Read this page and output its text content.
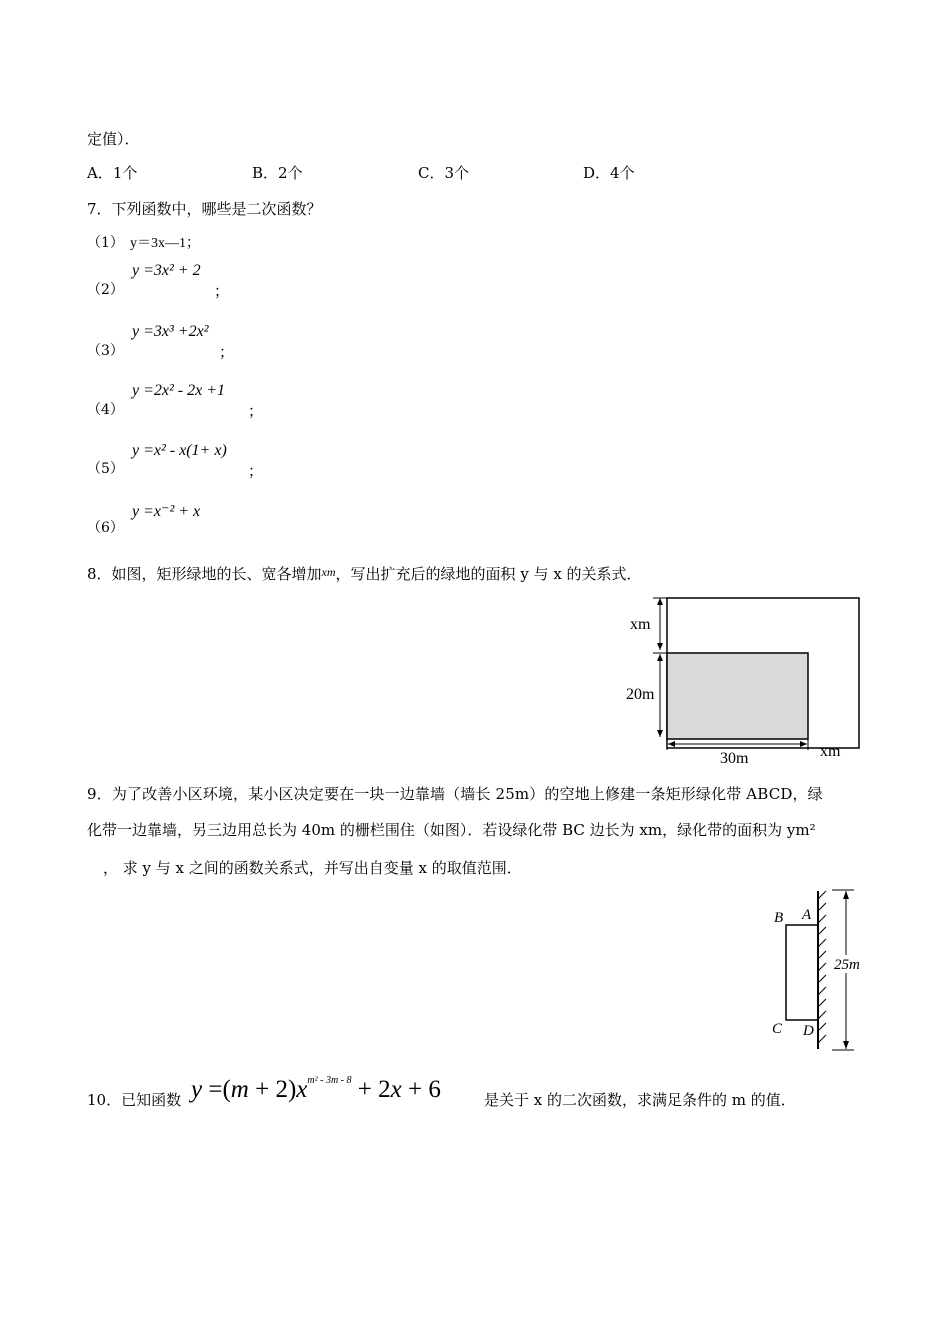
定值）．
A．1个	B．2个	C．3个	D．4个
7．下列函数中，哪些是二次函数？
（1） y＝3x—1；
（2）
y =3x² + 2
；
（3）
y =3x³ +2x²
；
（4）
y =2x² - 2x +1
；
（5）
y =x² - x(1+ x)
；
（6）
y =x⁻² + x
8．如图，矩形绿地的长、宽各增加$^{xm}$，写出扩充后的绿地的面积 y 与 x 的关系式．
xm
20m
30m	xm
9．为了改善小区环境，某小区决定要在一块一边靠墙（墙长 25m）的空地上修建一条矩形绿化带 ABCD，绿
化带一边靠墙，另三边用总长为 40m 的栅栏围住（如图）．若设绿化带 BC 边长为 xm，绿化带的面积为 ym²
， 求 y 与 x 之间的函数关系式，并写出自变量 x 的取值范围．
B A
C D
25m
10．已知函数 $y =(m + 2)x^{m^2 - 3m - 8} + 2x + 6$	是关于 x 的二次函数，求满足条件的 m 的值．
